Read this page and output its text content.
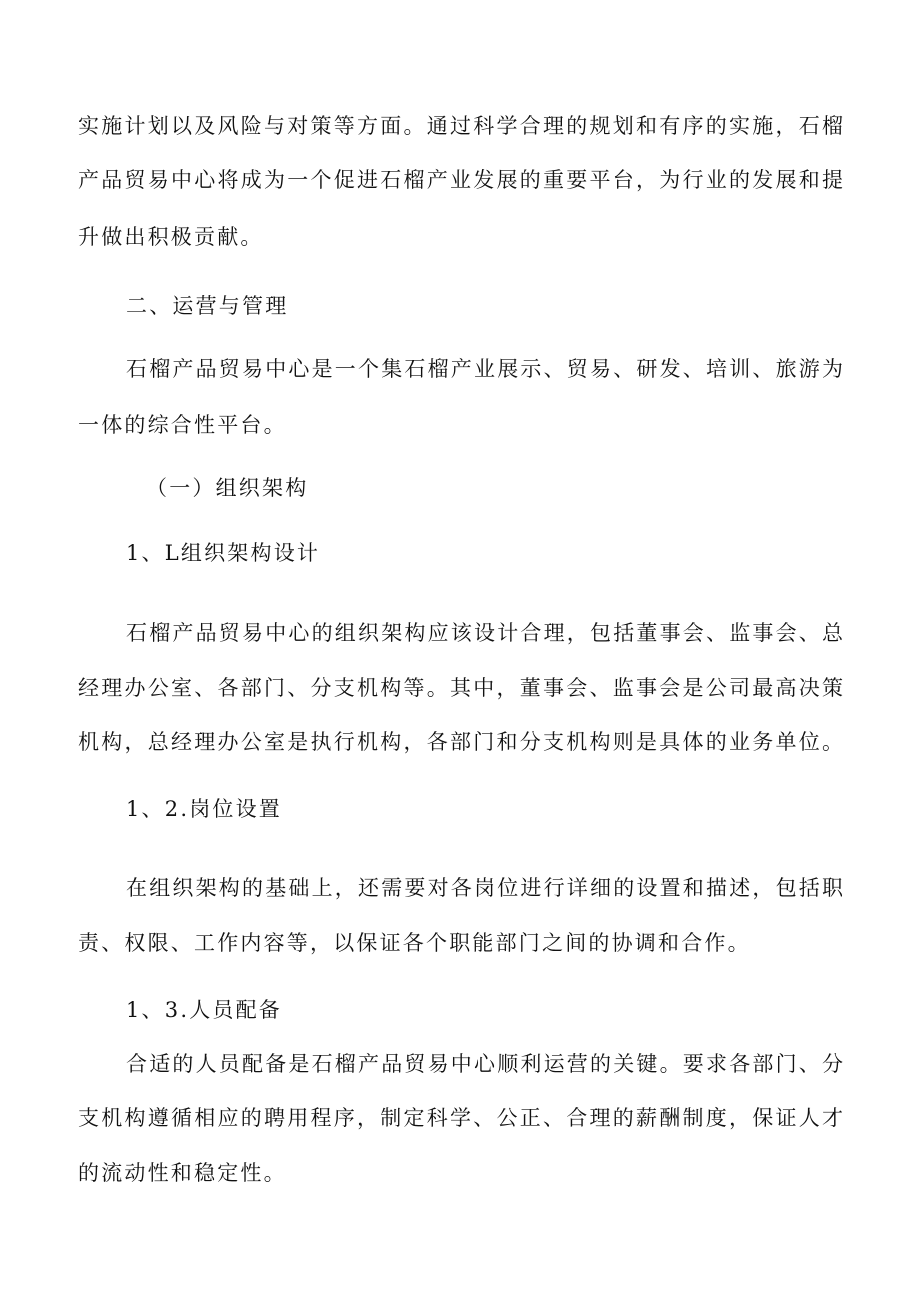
实施计划以及风险与对策等方面。通过科学合理的规划和有序的实施，石榴
产品贸易中心将成为一个促进石榴产业发展的重要平台，为行业的发展和提
升做出积极贡献。
二、运营与管理
石榴产品贸易中心是一个集石榴产业展示、贸易、研发、培训、旅游为
一体的综合性平台。
（一）组织架构
1、L组织架构设计
石榴产品贸易中心的组织架构应该设计合理，包括董事会、监事会、总
经理办公室、各部门、分支机构等。其中，董事会、监事会是公司最高决策
机构，总经理办公室是执行机构，各部门和分支机构则是具体的业务单位。
1、2.岗位设置
在组织架构的基础上，还需要对各岗位进行详细的设置和描述，包括职
责、权限、工作内容等，以保证各个职能部门之间的协调和合作。
1、3.人员配备
合适的人员配备是石榴产品贸易中心顺利运营的关键。要求各部门、分
支机构遵循相应的聘用程序，制定科学、公正、合理的薪酬制度，保证人才
的流动性和稳定性。
